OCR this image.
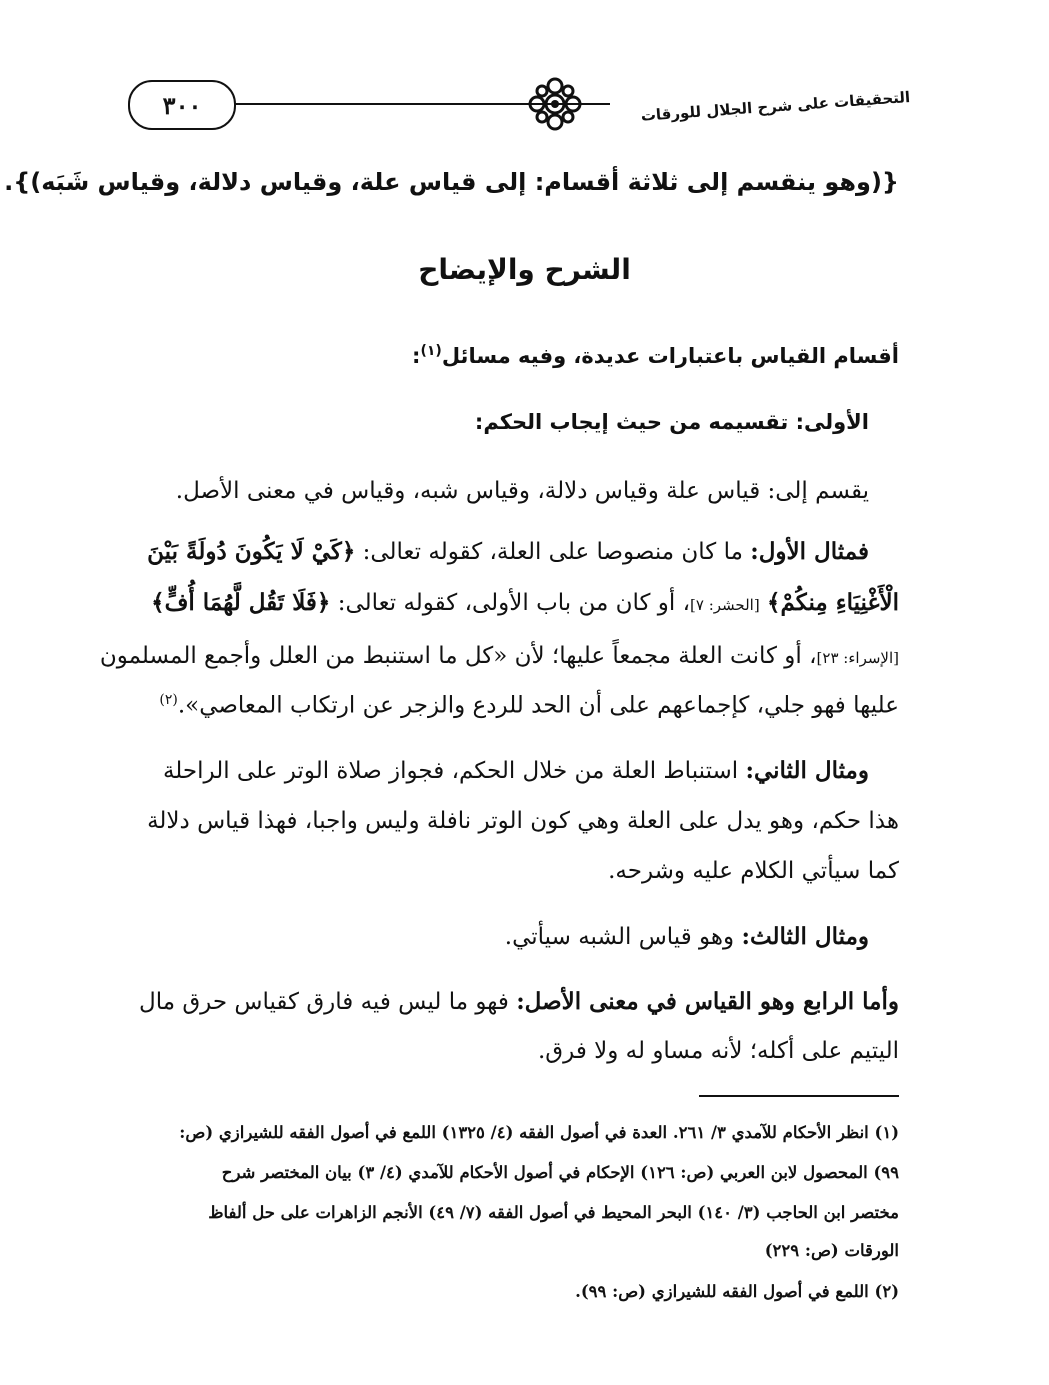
٣٠٠	التحقيقات على شرح الجلال للورقات
{(وهو ينقسم إلى ثلاثة أقسام: إلى قياس علة، وقياس دلالة، وقياس شَبَه)}.
الشرح والإيضاح
أقسام القياس باعتبارات عديدة، وفيه مسائل$^{(١)}$:
الأولى: تقسيمه من حيث إيجاب الحكم:
يقسم إلى: قياس علة وقياس دلالة، وقياس شبه، وقياس في معنى الأصل.
فمثال الأول: ما كان منصوصا على العلة، كقوله تعالى: ﴿كَيْ لَا يَكُونَ دُولَةً بَيْنَ
الْأَغْنِيَاءِ مِنكُمْ﴾ [الحشر: ٧]، أو كان من باب الأولى، كقوله تعالى: ﴿فَلَا تَقُل لَّهُمَا أُفٍّ﴾
[الإسراء: ٢٣]، أو كانت العلة مجمعاً عليها؛ لأن «كل ما استنبط من العلل وأجمع المسلمون
عليها فهو جلي، كإجماعهم على أن الحد للردع والزجر عن ارتكاب المعاصي».$^{(٢)}$
ومثال الثاني: استنباط العلة من خلال الحكم، فجواز صلاة الوتر على الراحلة
هذا حكم، وهو يدل على العلة وهي كون الوتر نافلة وليس واجبا، فهذا قياس دلالة
كما سيأتي الكلام عليه وشرحه.
ومثال الثالث: وهو قياس الشبه سيأتي.
وأما الرابع وهو القياس في معنى الأصل: فهو ما ليس فيه فارق كقياس حرق مال
اليتيم على أكله؛ لأنه مساو له ولا فرق.
(١) انظر الأحكام للآمدي ٣/ ٢٦١. العدة في أصول الفقه (٤/ ١٣٢٥) اللمع في أصول الفقه للشيرازي (ص:
٩٩) المحصول لابن العربي (ص: ١٢٦) الإحكام في أصول الأحكام للآمدي (٤/ ٣) بيان المختصر شرح
مختصر ابن الحاجب (٣/ ١٤٠) البحر المحيط في أصول الفقه (٧/ ٤٩) الأنجم الزاهرات على حل ألفاظ
الورقات (ص: ٢٢٩)
(٢) اللمع في أصول الفقه للشيرازي (ص: ٩٩).
